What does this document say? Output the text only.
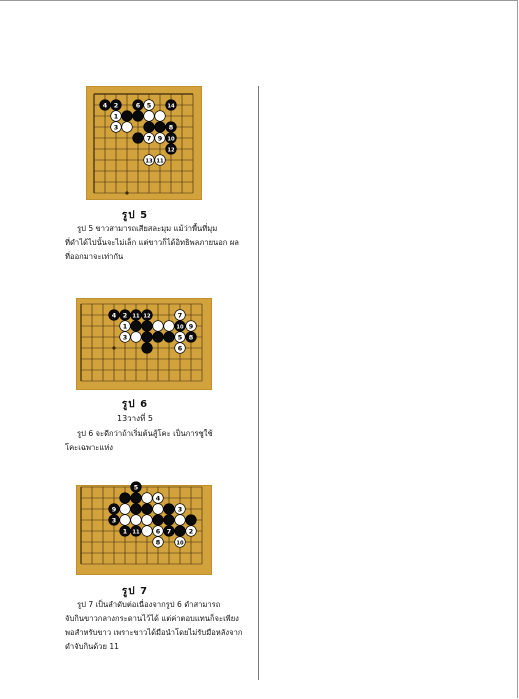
4 2	6 5	14
1
3	8
7 9 10
12
13 11
รูป 5

รูป 5 ขาวสามารถเสียสละมุม แม้ว่าพื้นที่มุม
ที่ดำได้ไปนั้นจะไม่เล็ก แต่ขาวก็ได้อิทธิพลภายนอก ผล
ที่ออกมาจะเท่ากัน

4 2 11 12	7
1	10 9
3	5 8
6
รูป 6
13วางที่ 5

รูป 6 จะดีกว่าถ้าเริ่มต้นสู้โคะ เป็นการชูใช้
โคะเฉพาะแห่ง

5
4
9	3
3
1 11	6 7	2
8	10
รูป 7

รูป 7 เป็นลำดับต่อเนื่องจากรูป 6 ดำสามารถ
จับกินขาวกลางกระดานไว้ได้ แต่ค่าตอบแทนก็จะเพียง
พอสำหรับขาว เพราะขาวได้มือนำโดยไม่รับมือหลังจาก
ดำจับกินด้วย 11
